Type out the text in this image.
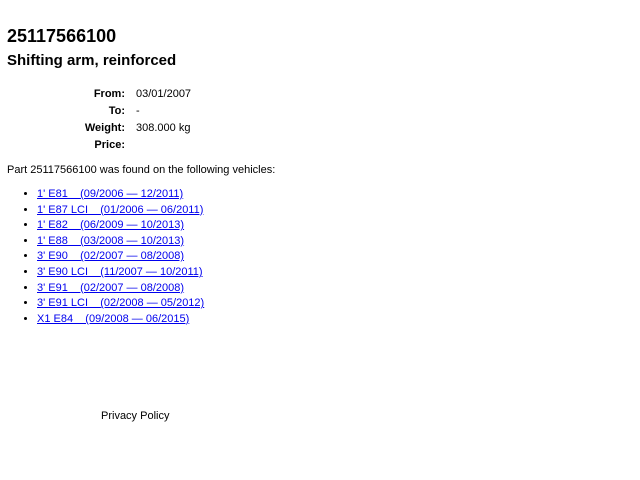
25117566100
Shifting arm, reinforced
From:	03/01/2007
To:	-
Weight:	308.000 kg
Price:	

Part 25117566100 was found on the following vehicles:

• 1' E81    (09/2006 — 12/2011)
• 1' E87 LCI    (01/2006 — 06/2011)
• 1' E82    (06/2009 — 10/2013)
• 1' E88    (03/2008 — 10/2013)
• 3' E90    (02/2007 — 08/2008)
• 3' E90 LCI    (11/2007 — 10/2011)
• 3' E91    (02/2007 — 08/2008)
• 3' E91 LCI    (02/2008 — 05/2012)
• X1 E84    (09/2008 — 06/2015)
Privacy Policy
